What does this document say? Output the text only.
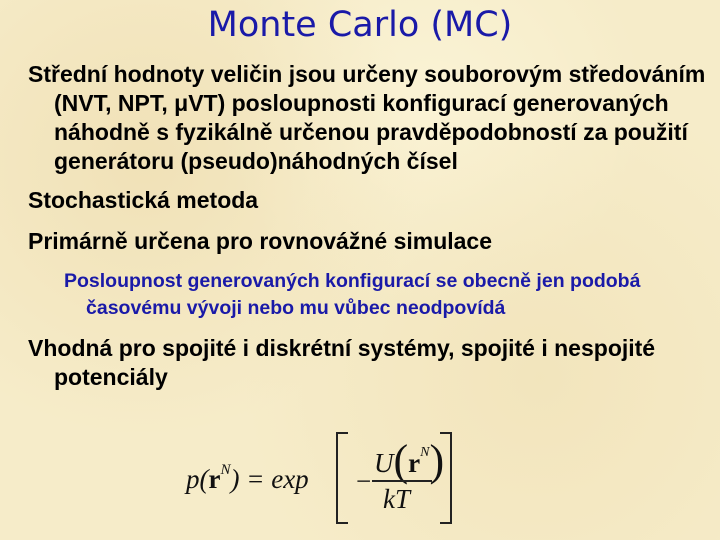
Monte Carlo (MC)

Střední hodnoty veličin jsou určeny souborovým středováním (NVT, NPT, μVT) posloupnosti konfigurací generovaných náhodně s fyzikálně určenou pravděpodobností za použití generátoru (pseudo)náhodných čísel

Stochastická metoda

Primárně určena pro rovnovážné simulace

Posloupnost generovaných konfigurací se obecně jen podobá časovému vývoji nebo mu vůbec neodpovídá

Vhodná pro spojité i diskrétní systémy, spojité i nespojité potenciály

$p(r^N) = \exp$ −
$U(r^N)$
kT
